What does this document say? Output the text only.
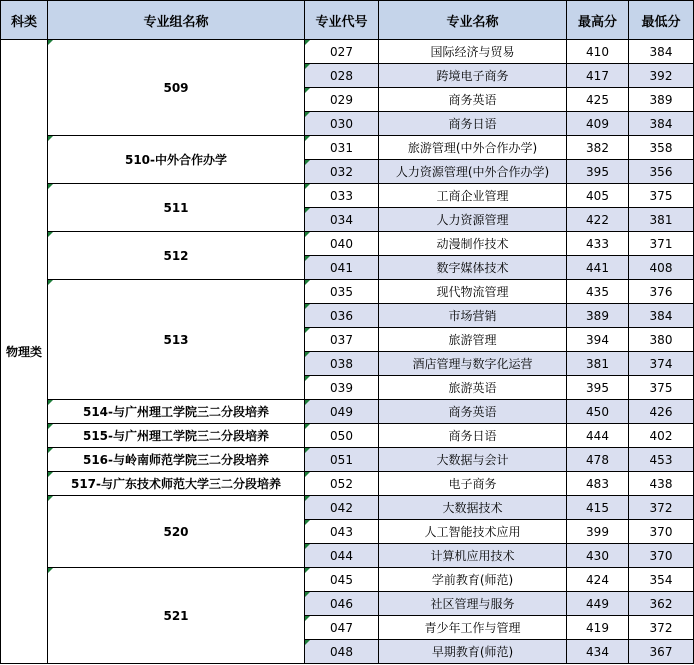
科类	专业组名称	专业代号	专业名称	最高分	最低分
物理类	509	027	国际经济与贸易	410	384

028	跨境电子商务	417	392

029	商务英语	425	389

030	商务日语	409	384

510-中外合作办学	031	旅游管理(中外合作办学)	382	358

032	人力资源管理(中外合作办学)	395	356

511	033	工商企业管理	405	375

034	人力资源管理	422	381

512	040	动漫制作技术	433	371

041	数字媒体技术	441	408

513	035	现代物流管理	435	376

036	市场营销	389	384

037	旅游管理	394	380

038	酒店管理与数字化运营	381	374

039	旅游英语	395	375

514-与广州理工学院三二分段培养	049	商务英语	450	426

515-与广州理工学院三二分段培养	050	商务日语	444	402

516-与岭南师范学院三二分段培养	051	大数据与会计	478	453

517-与广东技术师范大学三二分段培养	052	电子商务	483	438

520	042	大数据技术	415	372

043	人工智能技术应用	399	370

044	计算机应用技术	430	370

521	045	学前教育(师范)	424	354

046	社区管理与服务	449	362

047	青少年工作与管理	419	372

048	早期教育(师范)	434	367
